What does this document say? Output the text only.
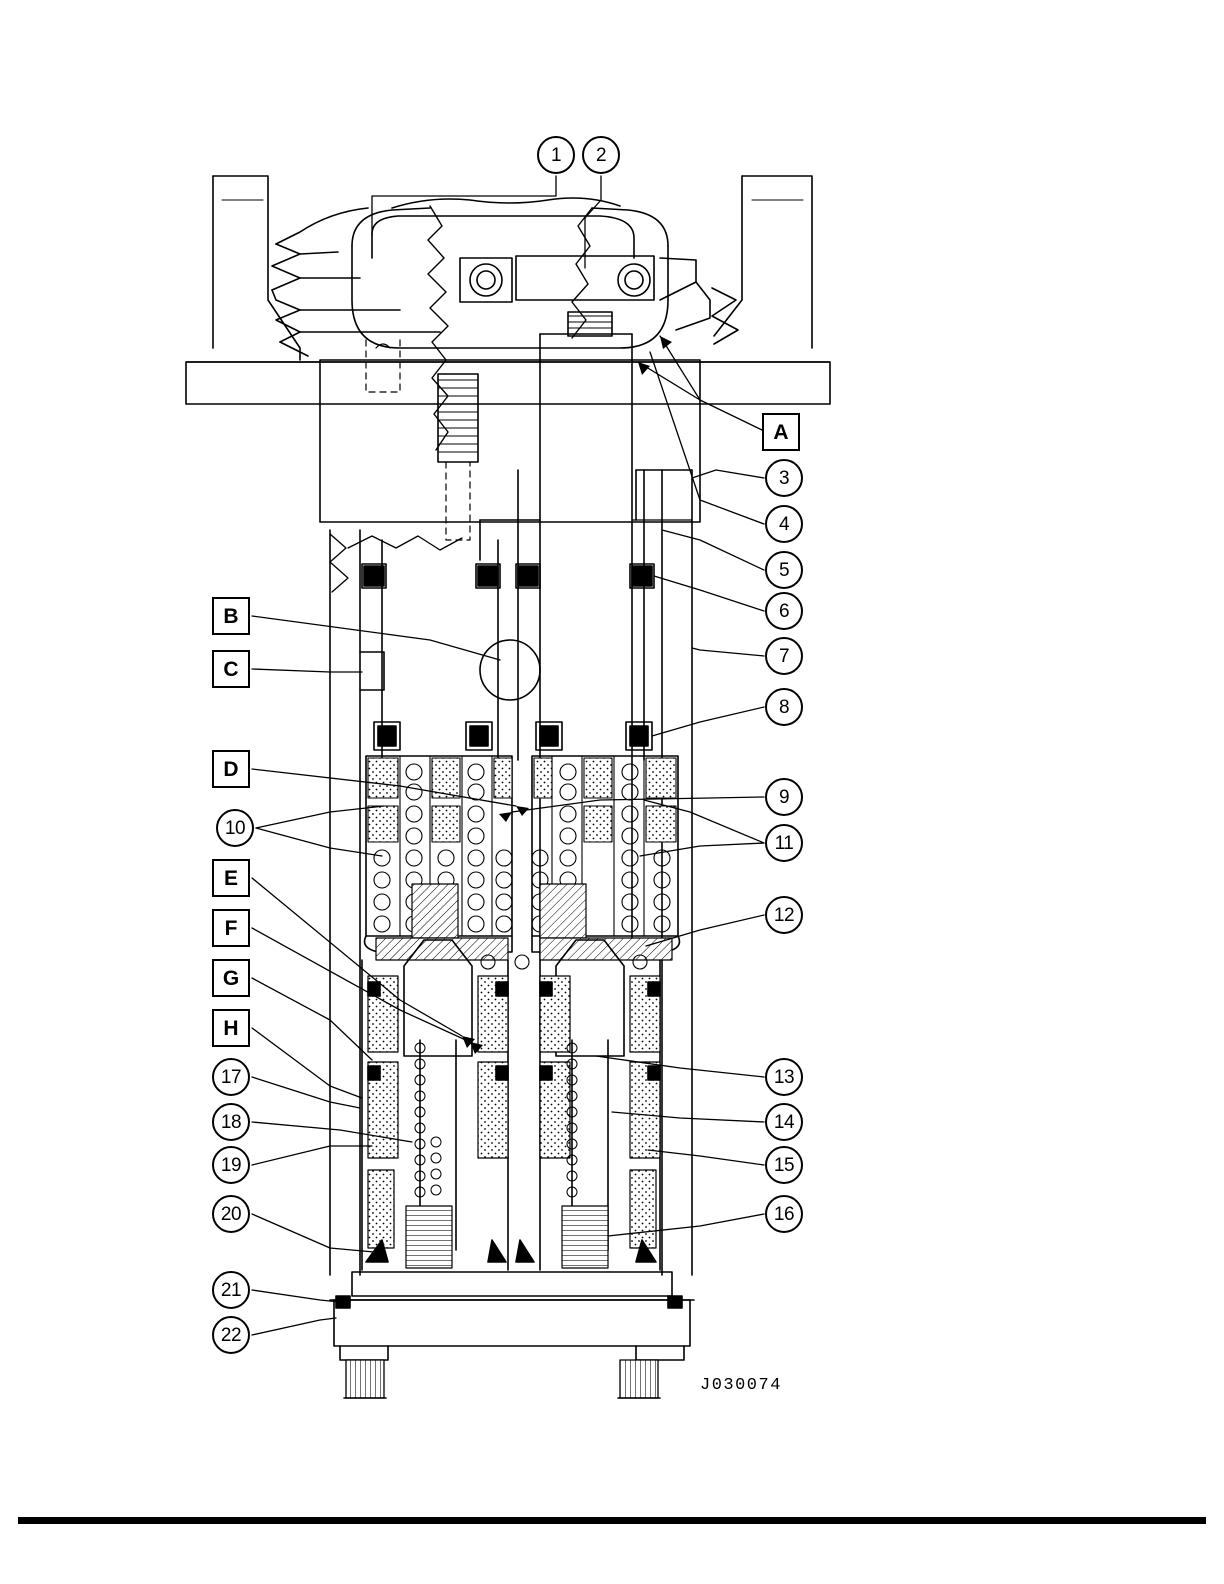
1	2
3
4
5
6
7
8
9
10
11
12
13
14
15
16
17
18
19
20
21
22
A
B
C
D
E
F
G
H
J030074
